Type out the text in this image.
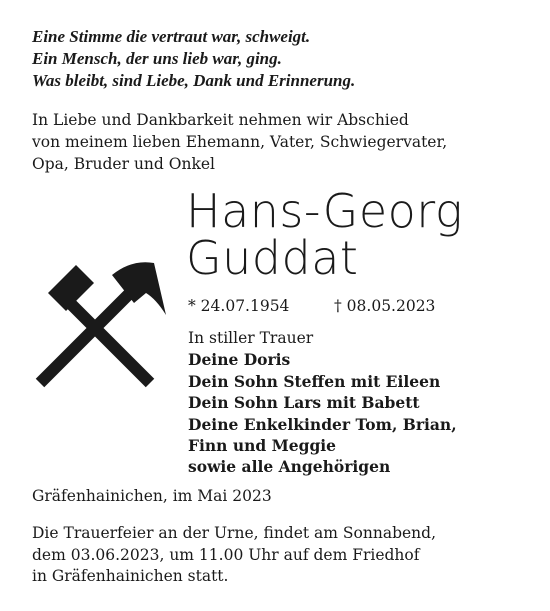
Eine Stimme die vertraut war, schweigt.
Ein Mensch, der uns lieb war, ging.
Was bleibt, sind Liebe, Dank und Erinnerung.
In Liebe und Dankbarkeit nehmen wir Abschied
von meinem lieben Ehemann, Vater, Schwiegervater,
Opa, Bruder und Onkel
Hans-Georg
Guddat
* 24.07.1954	† 08.05.2023
In stiller Trauer
Deine Doris
Dein Sohn Steffen mit Eileen
Dein Sohn Lars mit Babett
Deine Enkelkinder Tom, Brian,
Finn und Meggie
sowie alle Angehörigen
Gräfenhainichen, im Mai 2023
Die Trauerfeier an der Urne, findet am Sonnabend,
dem 03.06.2023, um 11.00 Uhr auf dem Friedhof
in Gräfenhainichen statt.
